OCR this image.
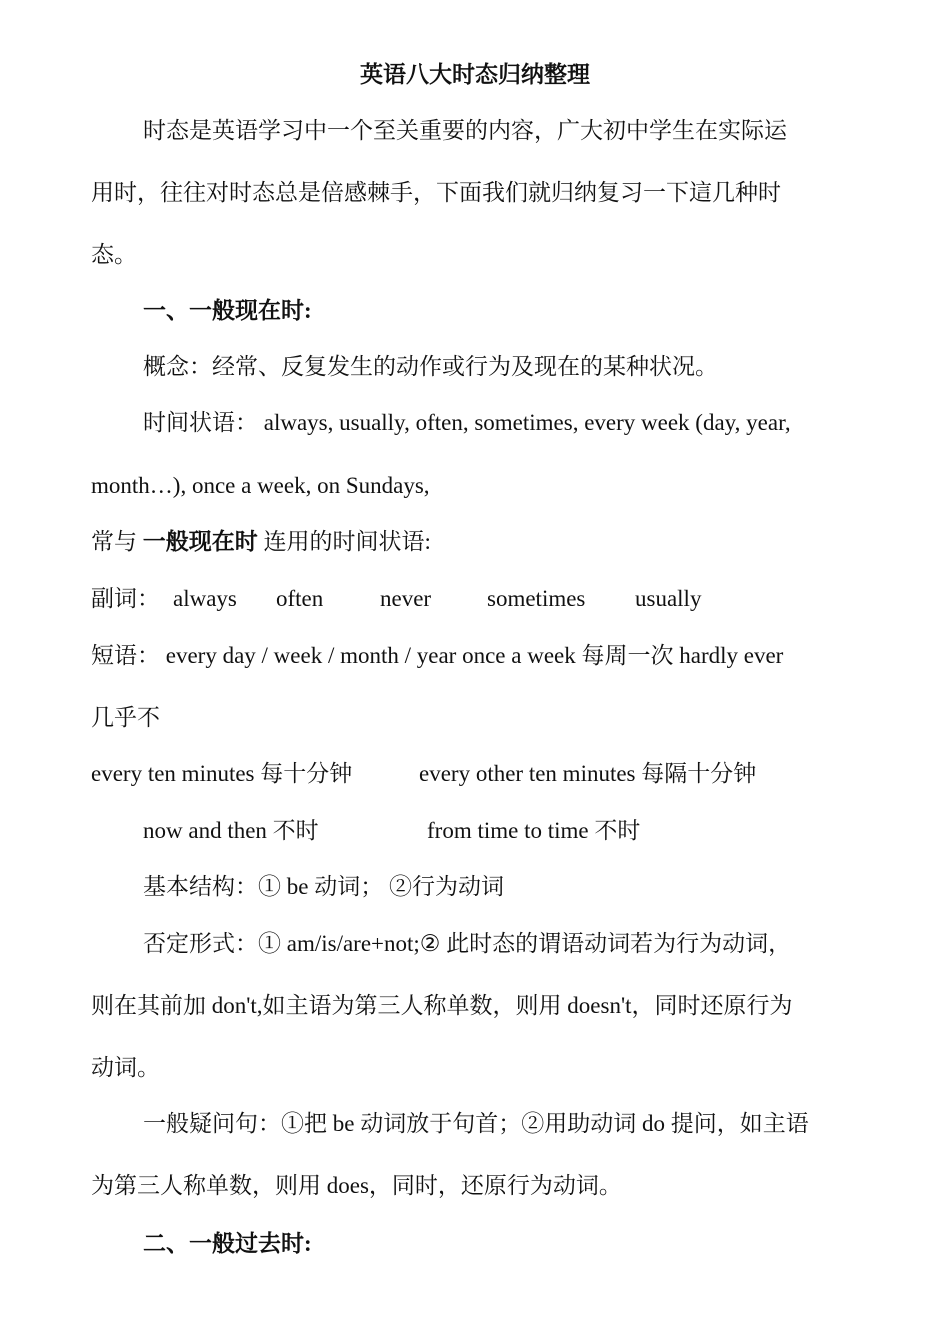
英语八大时态归纳整理
时态是英语学习中一个至关重要的内容，广大初中学生在实际运
用时，往往对时态总是倍感棘手，下面我们就归纳复习一下這几种时
态。
一、一般现在时:
概念：经常、反复发生的动作或行为及现在的某种状况。
时间状语： always, usually, often, sometimes, every week (day, year,
month…), once a week, on Sundays,
常与 一般现在时 连用的时间状语:
副词： always often never sometimes usually
短语： every day / week / month / year once a week 每周一次 hardly ever
几乎不
every ten minutes 每十分钟	every other ten minutes 每隔十分钟
now and then 不时	from time to time 不时
基本结构：① be 动词； ②行为动词
否定形式：① am/is/are+not;② 此时态的谓语动词若为行为动词，
则在其前加 don't,如主语为第三人称单数，则用 doesn't，同时还原行为
动词。
一般疑问句：①把 be 动词放于句首；②用助动词 do 提问，如主语
为第三人称单数，则用 does，同时，还原行为动词。
二、一般过去时:
